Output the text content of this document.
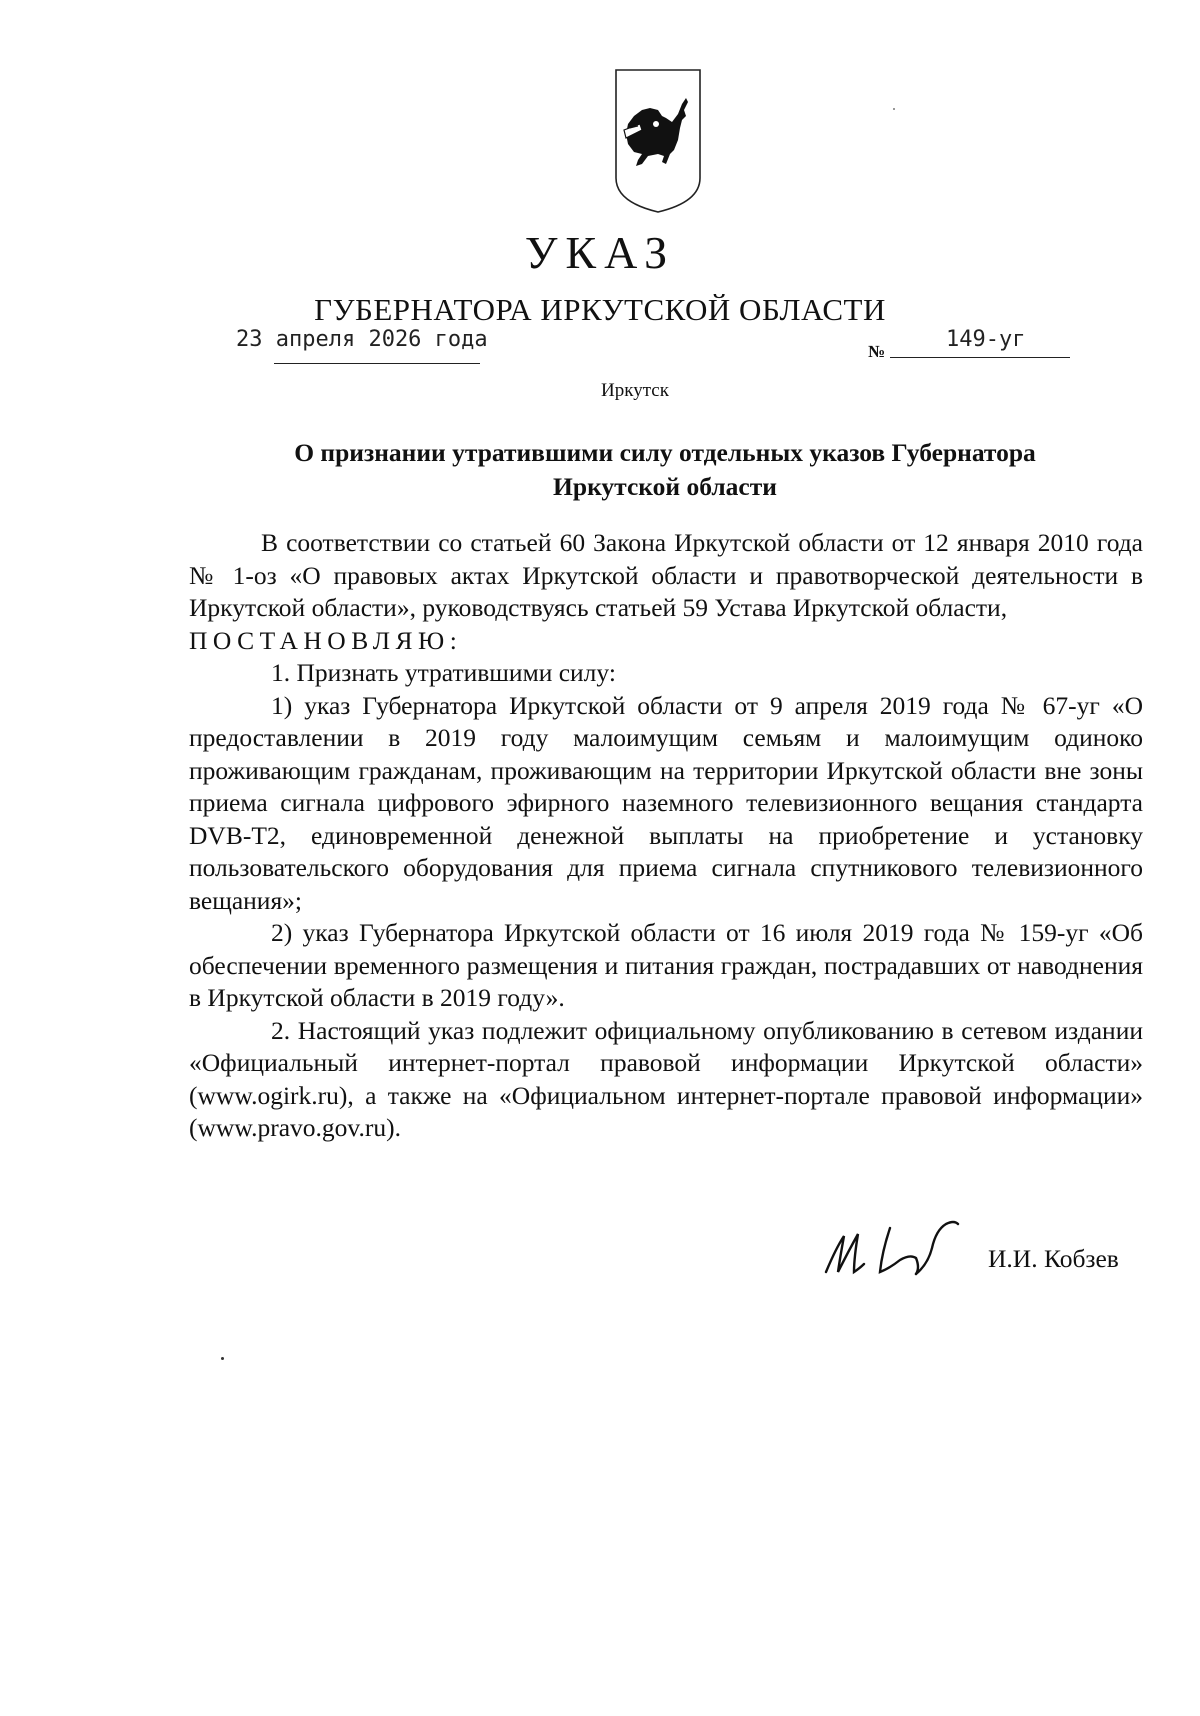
УКАЗ
ГУБЕРНАТОРА ИРКУТСКОЙ ОБЛАСТИ
23 апреля 2026 года	№	149-уг
Иркутск
О признании утратившими силу отдельных указов Губернатора
Иркутской области

В соответствии со статьей 60 Закона Иркутской области от 12 января 2010 года № 1-оз «О правовых актах Иркутской области и правотворческой деятельности в Иркутской области», руководствуясь статьей 59 Устава Иркутской области,

ПОСТАНОВЛЯЮ:

1. Признать утратившими силу:

1) указ Губернатора Иркутской области от 9 апреля 2019 года № 67-уг «О предоставлении в 2019 году малоимущим семьям и малоимущим одиноко проживающим гражданам, проживающим на территории Иркутской области вне зоны приема сигнала цифрового эфирного наземного телевизионного вещания стандарта DVB-T2, единовременной денежной выплаты на приобретение и установку пользовательского оборудования для приема сигнала спутникового телевизионного вещания»;

2) указ Губернатора Иркутской области от 16 июля 2019 года № 159-уг «Об обеспечении временного размещения и питания граждан, пострадавших от наводнения в Иркутской области в 2019 году».

2. Настоящий указ подлежит официальному опубликованию в сетевом издании «Официальный интернет-портал правовой информации Иркутской области» (www.ogirk.ru), а также на «Официальном интернет-портале правовой информации» (www.pravo.gov.ru).

И.И. Кобзев
